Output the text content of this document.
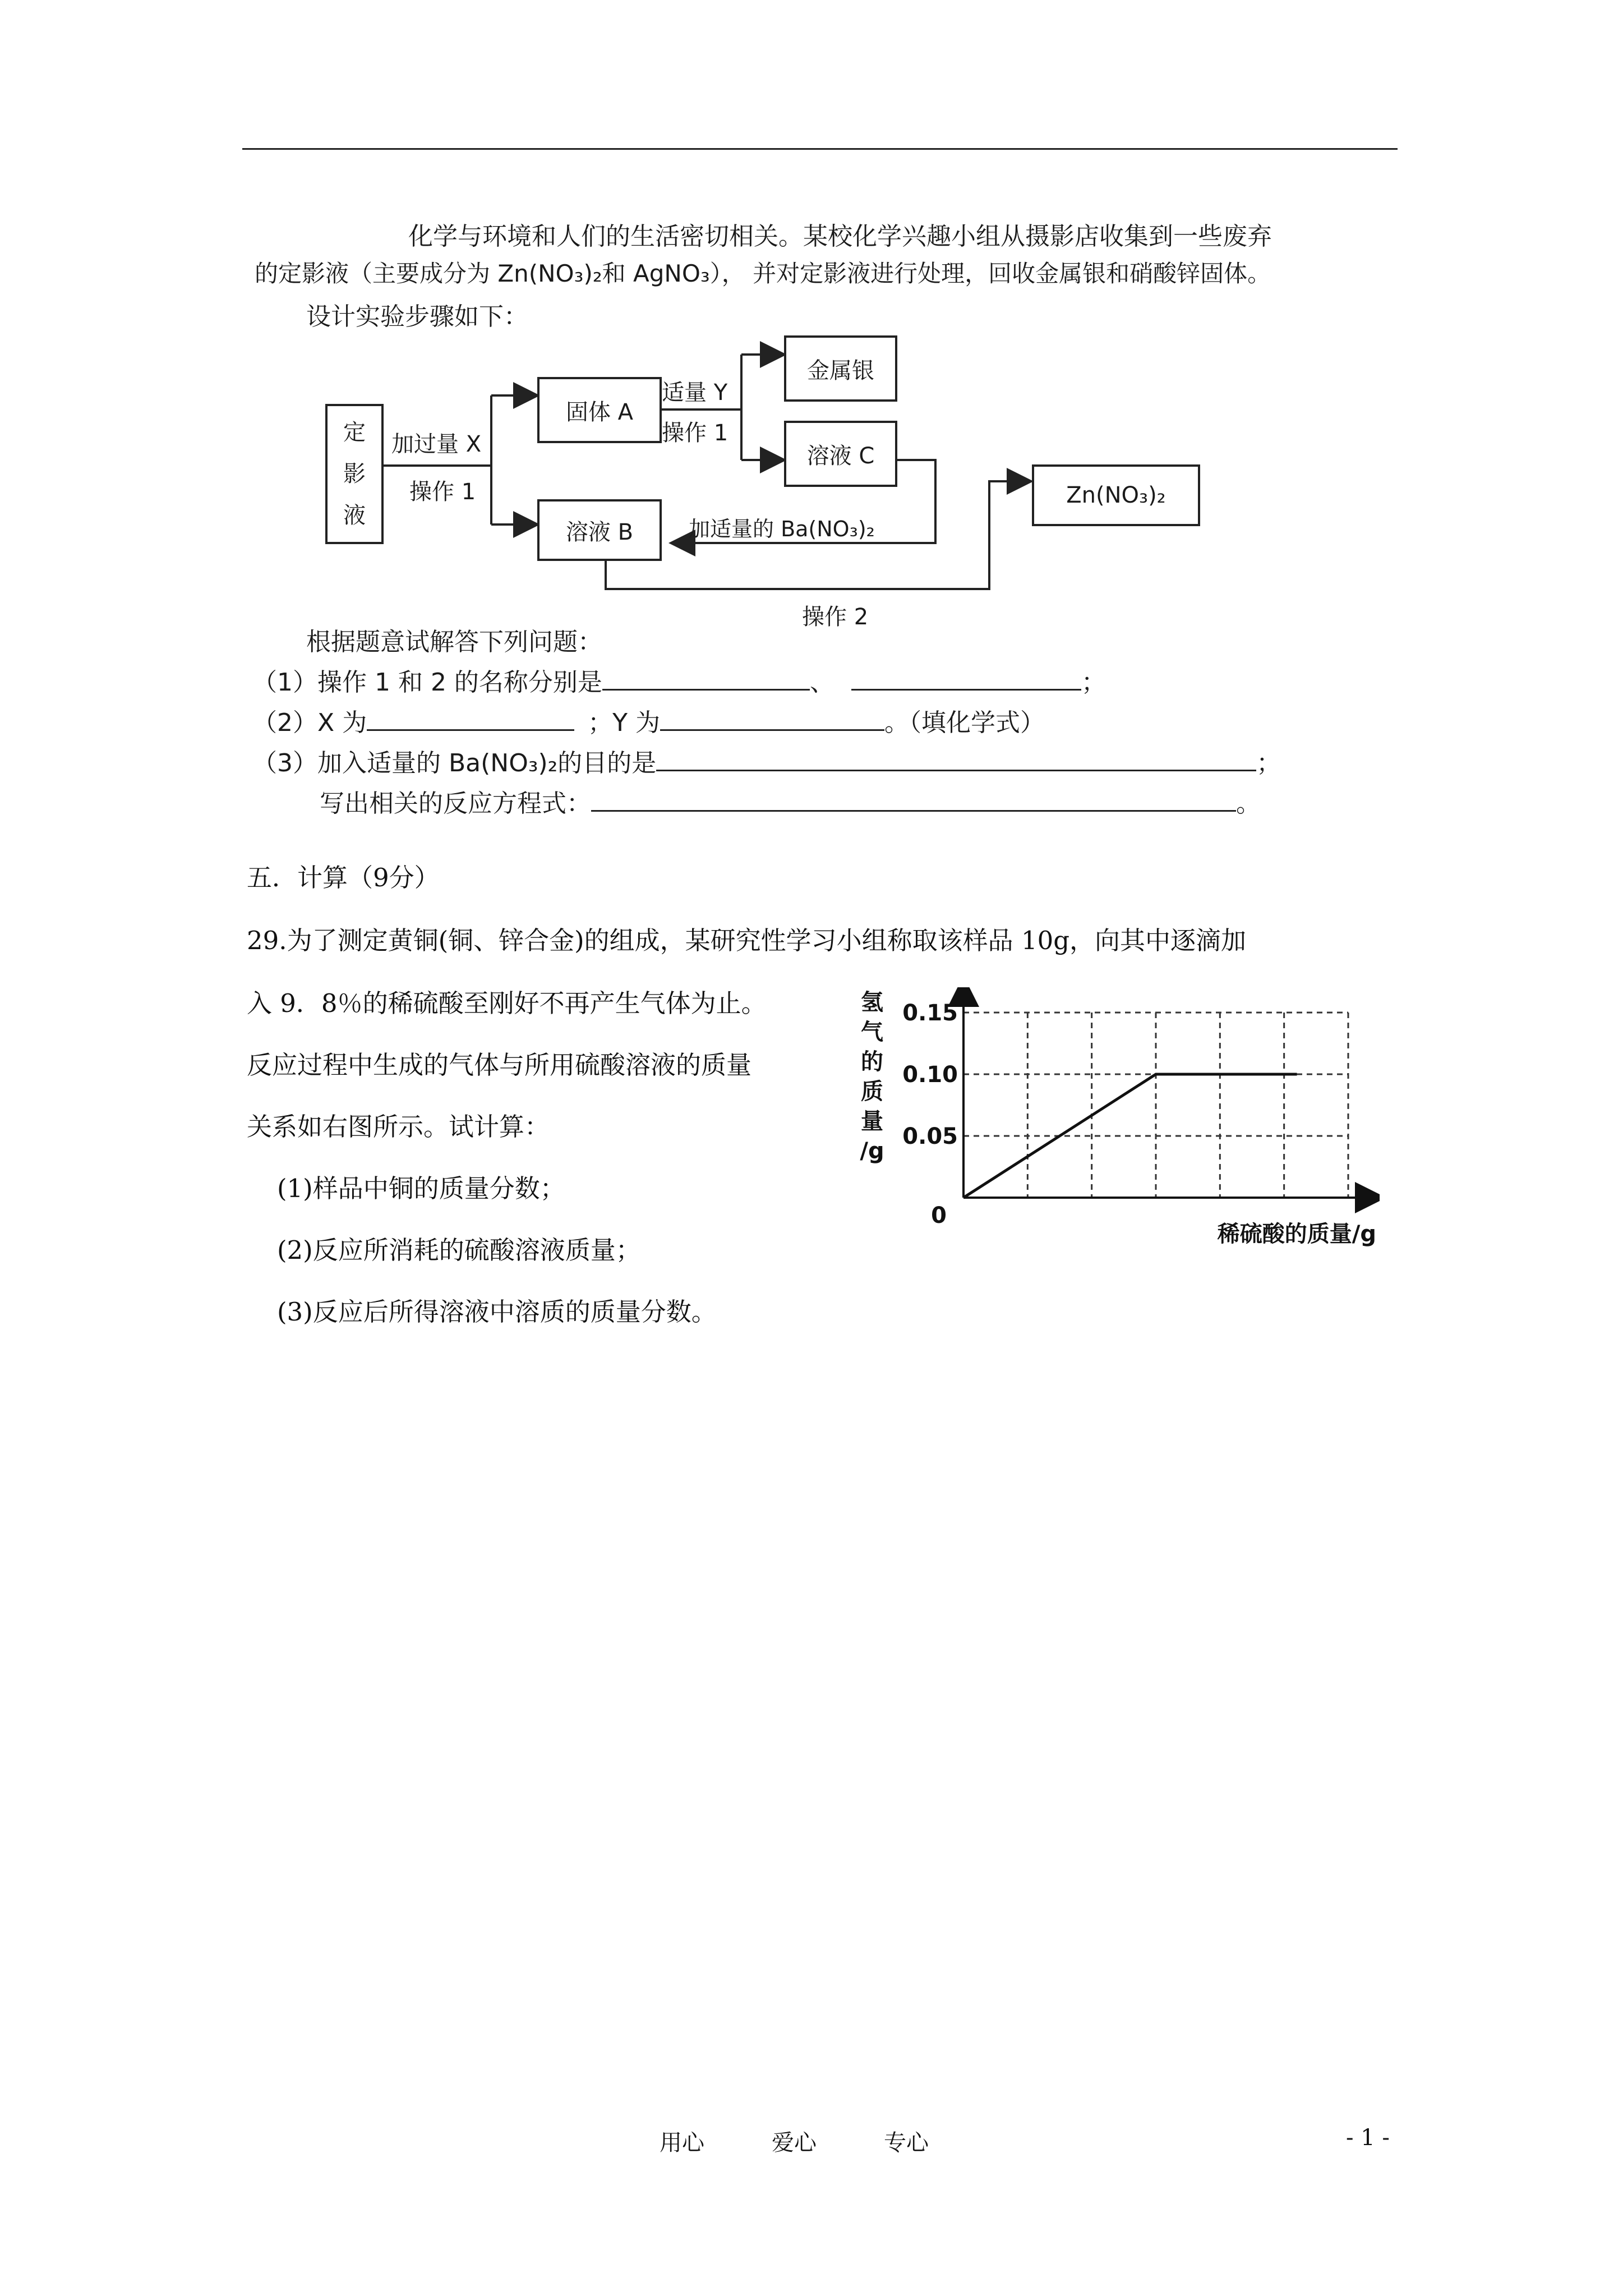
化学与环境和人们的生活密切相关。某校化学兴趣小组从摄影店收集到一些废弃
的定影液（主要成分为 Zn(NO₃)₂和 AgNO₃）， 并对定影液进行处理，回收金属银和硝酸锌固体。
设计实验步骤如下：
定
影
液
加过量 X
操作 1
固体 A
适量 Y
操作 1
金属银
溶液 C
溶液 B	加适量的 Ba(NO₃)₂
Zn(NO₃)₂
操作 2
根据题意试解答下列问题：
（1）操作 1 和 2 的名称分别是	、	；
（2）X 为	；Y 为	。（填化学式）
（3）加入适量的 Ba(NO₃)₂的目的是	；
写出相关的反应方程式：	。
五．计算（9分）
29.为了测定黄铜(铜、锌合金)的组成，某研究性学习小组称取该样品 10g，向其中逐滴加
入 9．8％的稀硫酸至刚好不再产生气体为止。
反应过程中生成的气体与所用硫酸溶液的质量
关系如右图所示。试计算：
(1)样品中铜的质量分数；
(2)反应所消耗的硫酸溶液质量；
(3)反应后所得溶液中溶质的质量分数。
0.05
0.10
0.15
0
氢
气
的
质
量
/g
稀硫酸的质量/g
用心	爱心	专心	- 1 -
